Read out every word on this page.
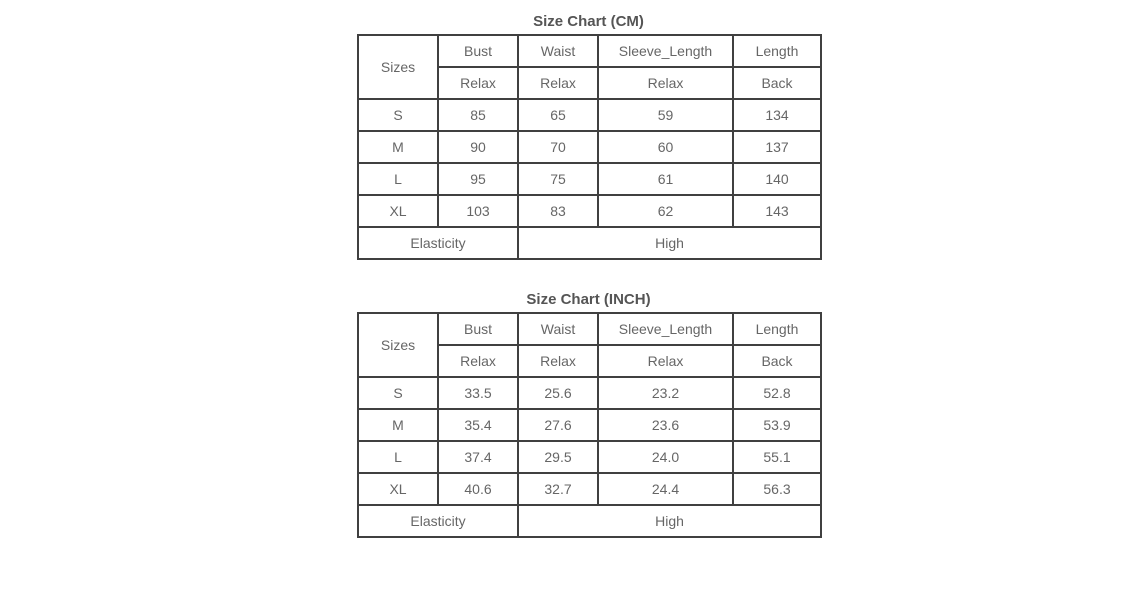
Size Chart (CM)
Sizes	Bust	Waist	Sleeve_Length	Length
	Relax	Relax	Relax	Back
S	85	65	59	134
M	90	70	60	137
L	95	75	61	140
XL	103	83	62	143
Elasticity		High		
Size Chart (INCH)
Sizes	Bust	Waist	Sleeve_Length	Length
	Relax	Relax	Relax	Back
S	33.5	25.6	23.2	52.8
M	35.4	27.6	23.6	53.9
L	37.4	29.5	24.0	55.1
XL	40.6	32.7	24.4	56.3
Elasticity		High		
